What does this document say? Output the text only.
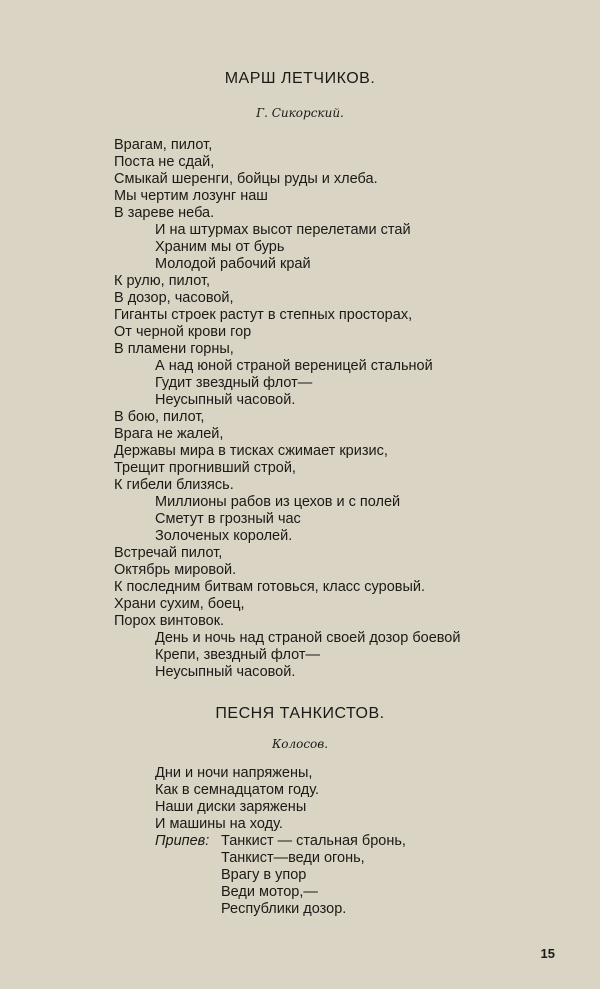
МАРШ ЛЕТЧИКОВ.
Г. Сикорский.
Врагам, пилот,
Поста не сдай,
Смыкай шеренги, бойцы руды и хлеба.
Мы чертим лозунг наш
В зареве неба.
И на штурмах высот перелетами стай
Храним мы от бурь
Молодой рабочий край
К рулю, пилот,
В дозор, часовой,
Гиганты строек растут в степных просторах,
От черной крови гор
В пламени горны,
А над юной страной вереницей стальной
Гудит звездный флот—
Неусыпный часовой.
В бою, пилот,
Врага не жалей,
Державы мира в тисках сжимает кризис,
Трещит прогнивший строй,
К гибели близясь.
Миллионы рабов из цехов и с полей
Сметут в грозный час
Золоченых королей.
Встречай пилот,
Октябрь мировой.
К последним битвам готовься, класс суровый.
Храни сухим, боец,
Порох винтовок.
День и ночь над страной своей дозор боевой
Крепи, звездный флот—
Неусыпный часовой.
ПЕСНЯ ТАНКИСТОВ.
Колосов.
Дни и ночи напряжены,
Как в семнадцатом году.
Наши диски заряжены
И машины на ходу.
Припев: Танкист — стальная бронь,
Танкист—веди огонь,
Врагу в упор
Веди мотор,—
Республики дозор.
15
